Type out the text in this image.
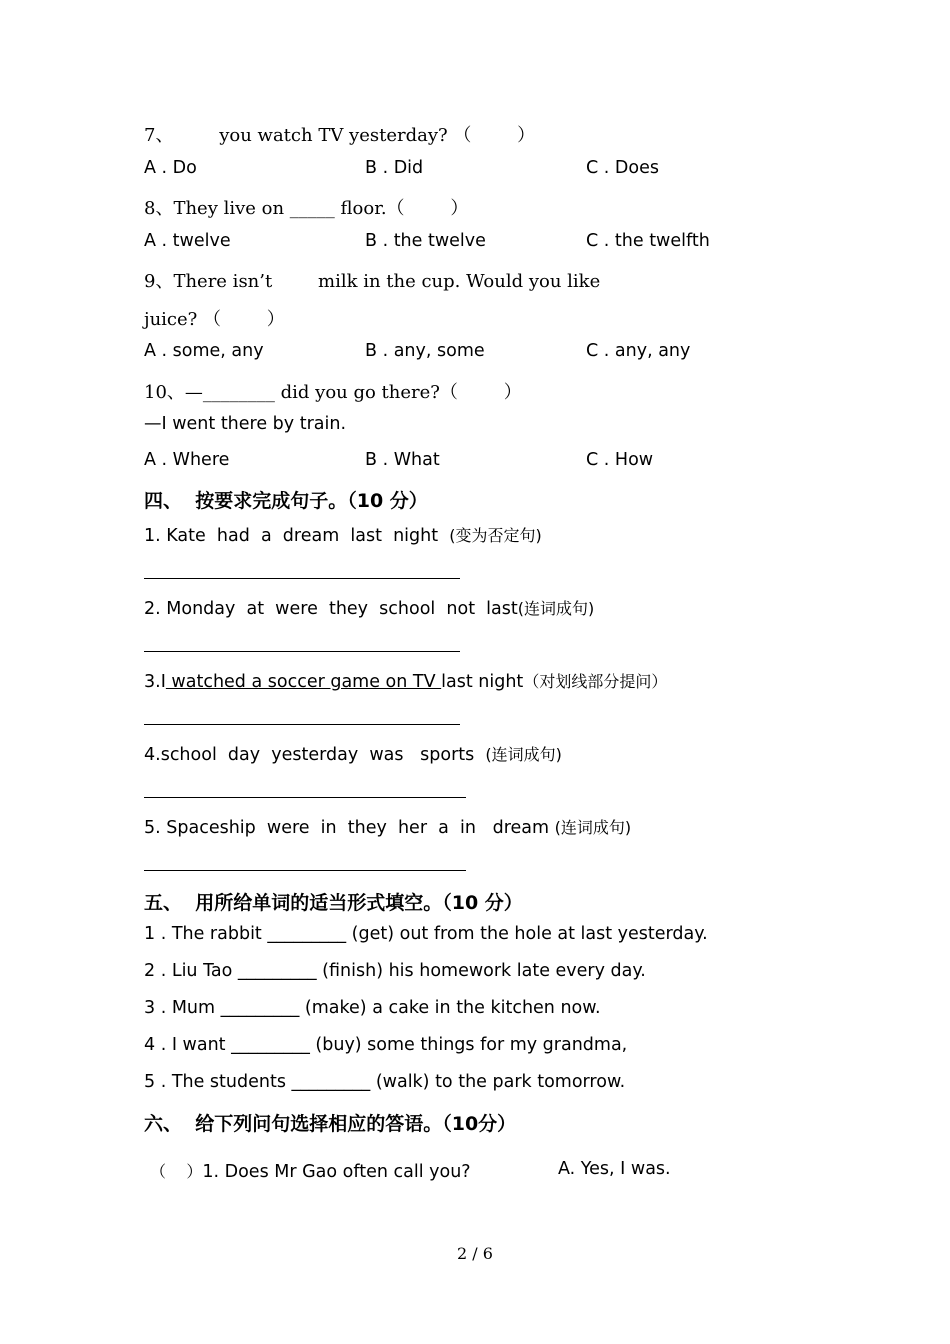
7、        you watch TV yesterday? （        ）
A . Do	B . Did	C . Does
8、They live on _____ floor.（        ）
A . twelve	B . the twelve	C . the twelfth
9、There isn’t        milk in the cup. Would you like
juice? （        ）
A . some, any	B . any, some	C . any, any
10、—________ did you go there?（        ）
—I went there by train.
A . Where	B . What	C . How
四、  按要求完成句子。（10 分）
1. Kate  had  a  dream  last  night (变为否定句)
2. Monday  at  were  they  school  not  last(连词成句)
3.I watched a soccer game on TV last night（对划线部分提问）
4.school  day  yesterday  was   sports (连词成句)
5. Spaceship  were  in  they  her  a  in   dream (连词成句)
五、  用所给单词的适当形式填空。（10 分）
1 . The rabbit _________ (get) out from the hole at last yesterday.
2 . Liu Tao _________ (finish) his homework late every day.
3 . Mum _________ (make) a cake in the kitchen now.
4 . I want _________ (buy) some things for my grandma,
5 . The students _________ (walk) to the park tomorrow.
六、  给下列问句选择相应的答语。（10分）
（    ）1. Does Mr Gao often call you?	A. Yes, I was.
2 / 6
